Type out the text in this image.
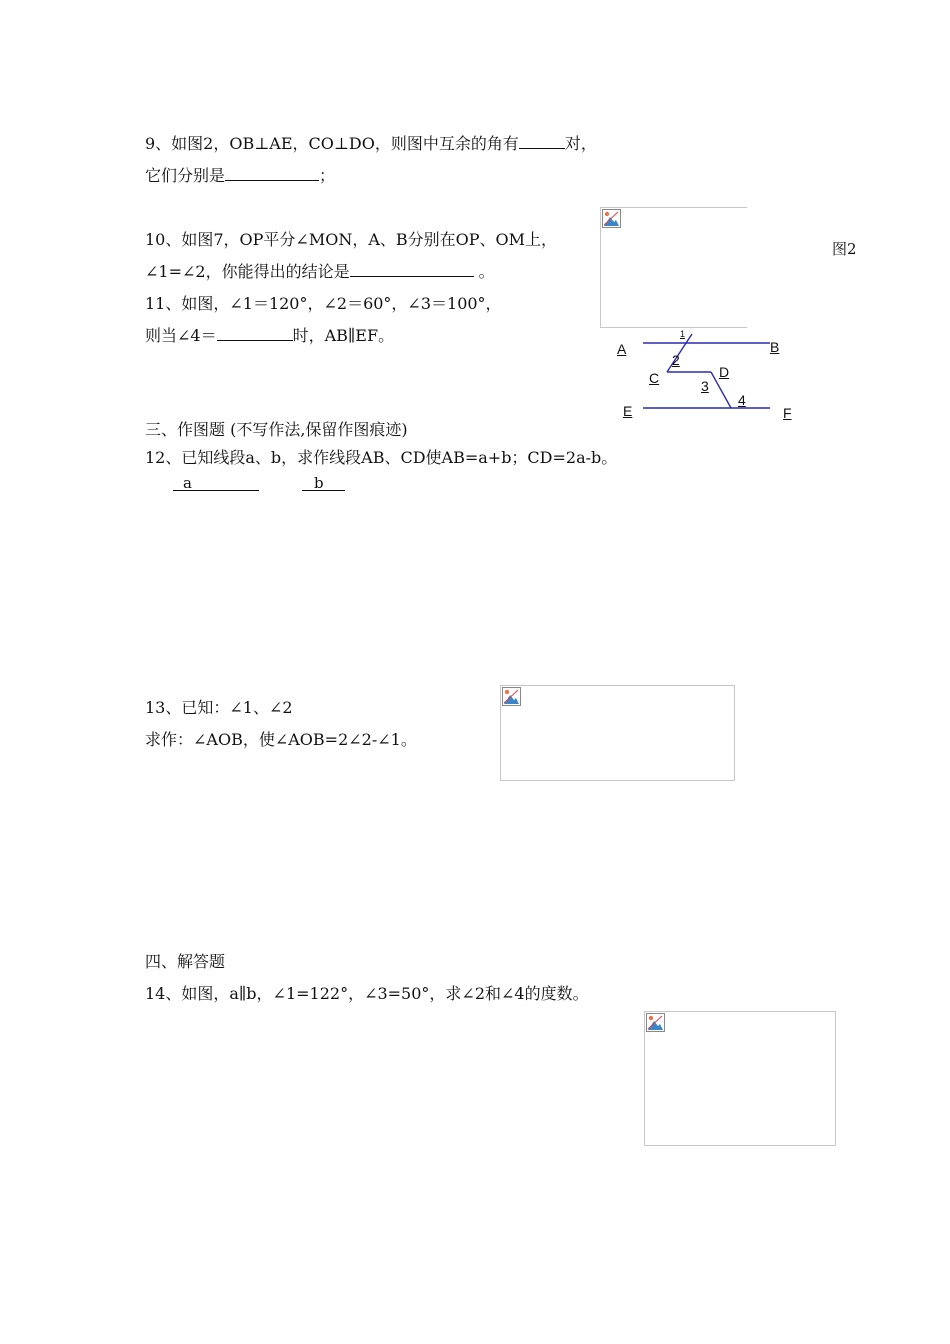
9、如图2，OB⊥AE，CO⊥DO，则图中互余的角有	对，
它们分别是	；
10、如图7，OP平分∠MON，A、B分别在OP、OM上，
∠1=∠2，你能得出的结论是	。
11、如图，∠1＝120°，∠2＝60°，∠3＝100°，
则当∠4＝	时，AB∥EF。
图2
A	B
1
2
C	D
3
4
E	F
三、作图题 (不写作法,保留作图痕迹)
12、已知线段a、b，求作线段AB、CD使AB=a+b；CD=2a-b。
a	b
13、已知：∠1、∠2
求作：∠AOB，使∠AOB=2∠2-∠1。
四、解答题
14、如图，a∥b，∠1=122°，∠3=50°，求∠2和∠4的度数。
